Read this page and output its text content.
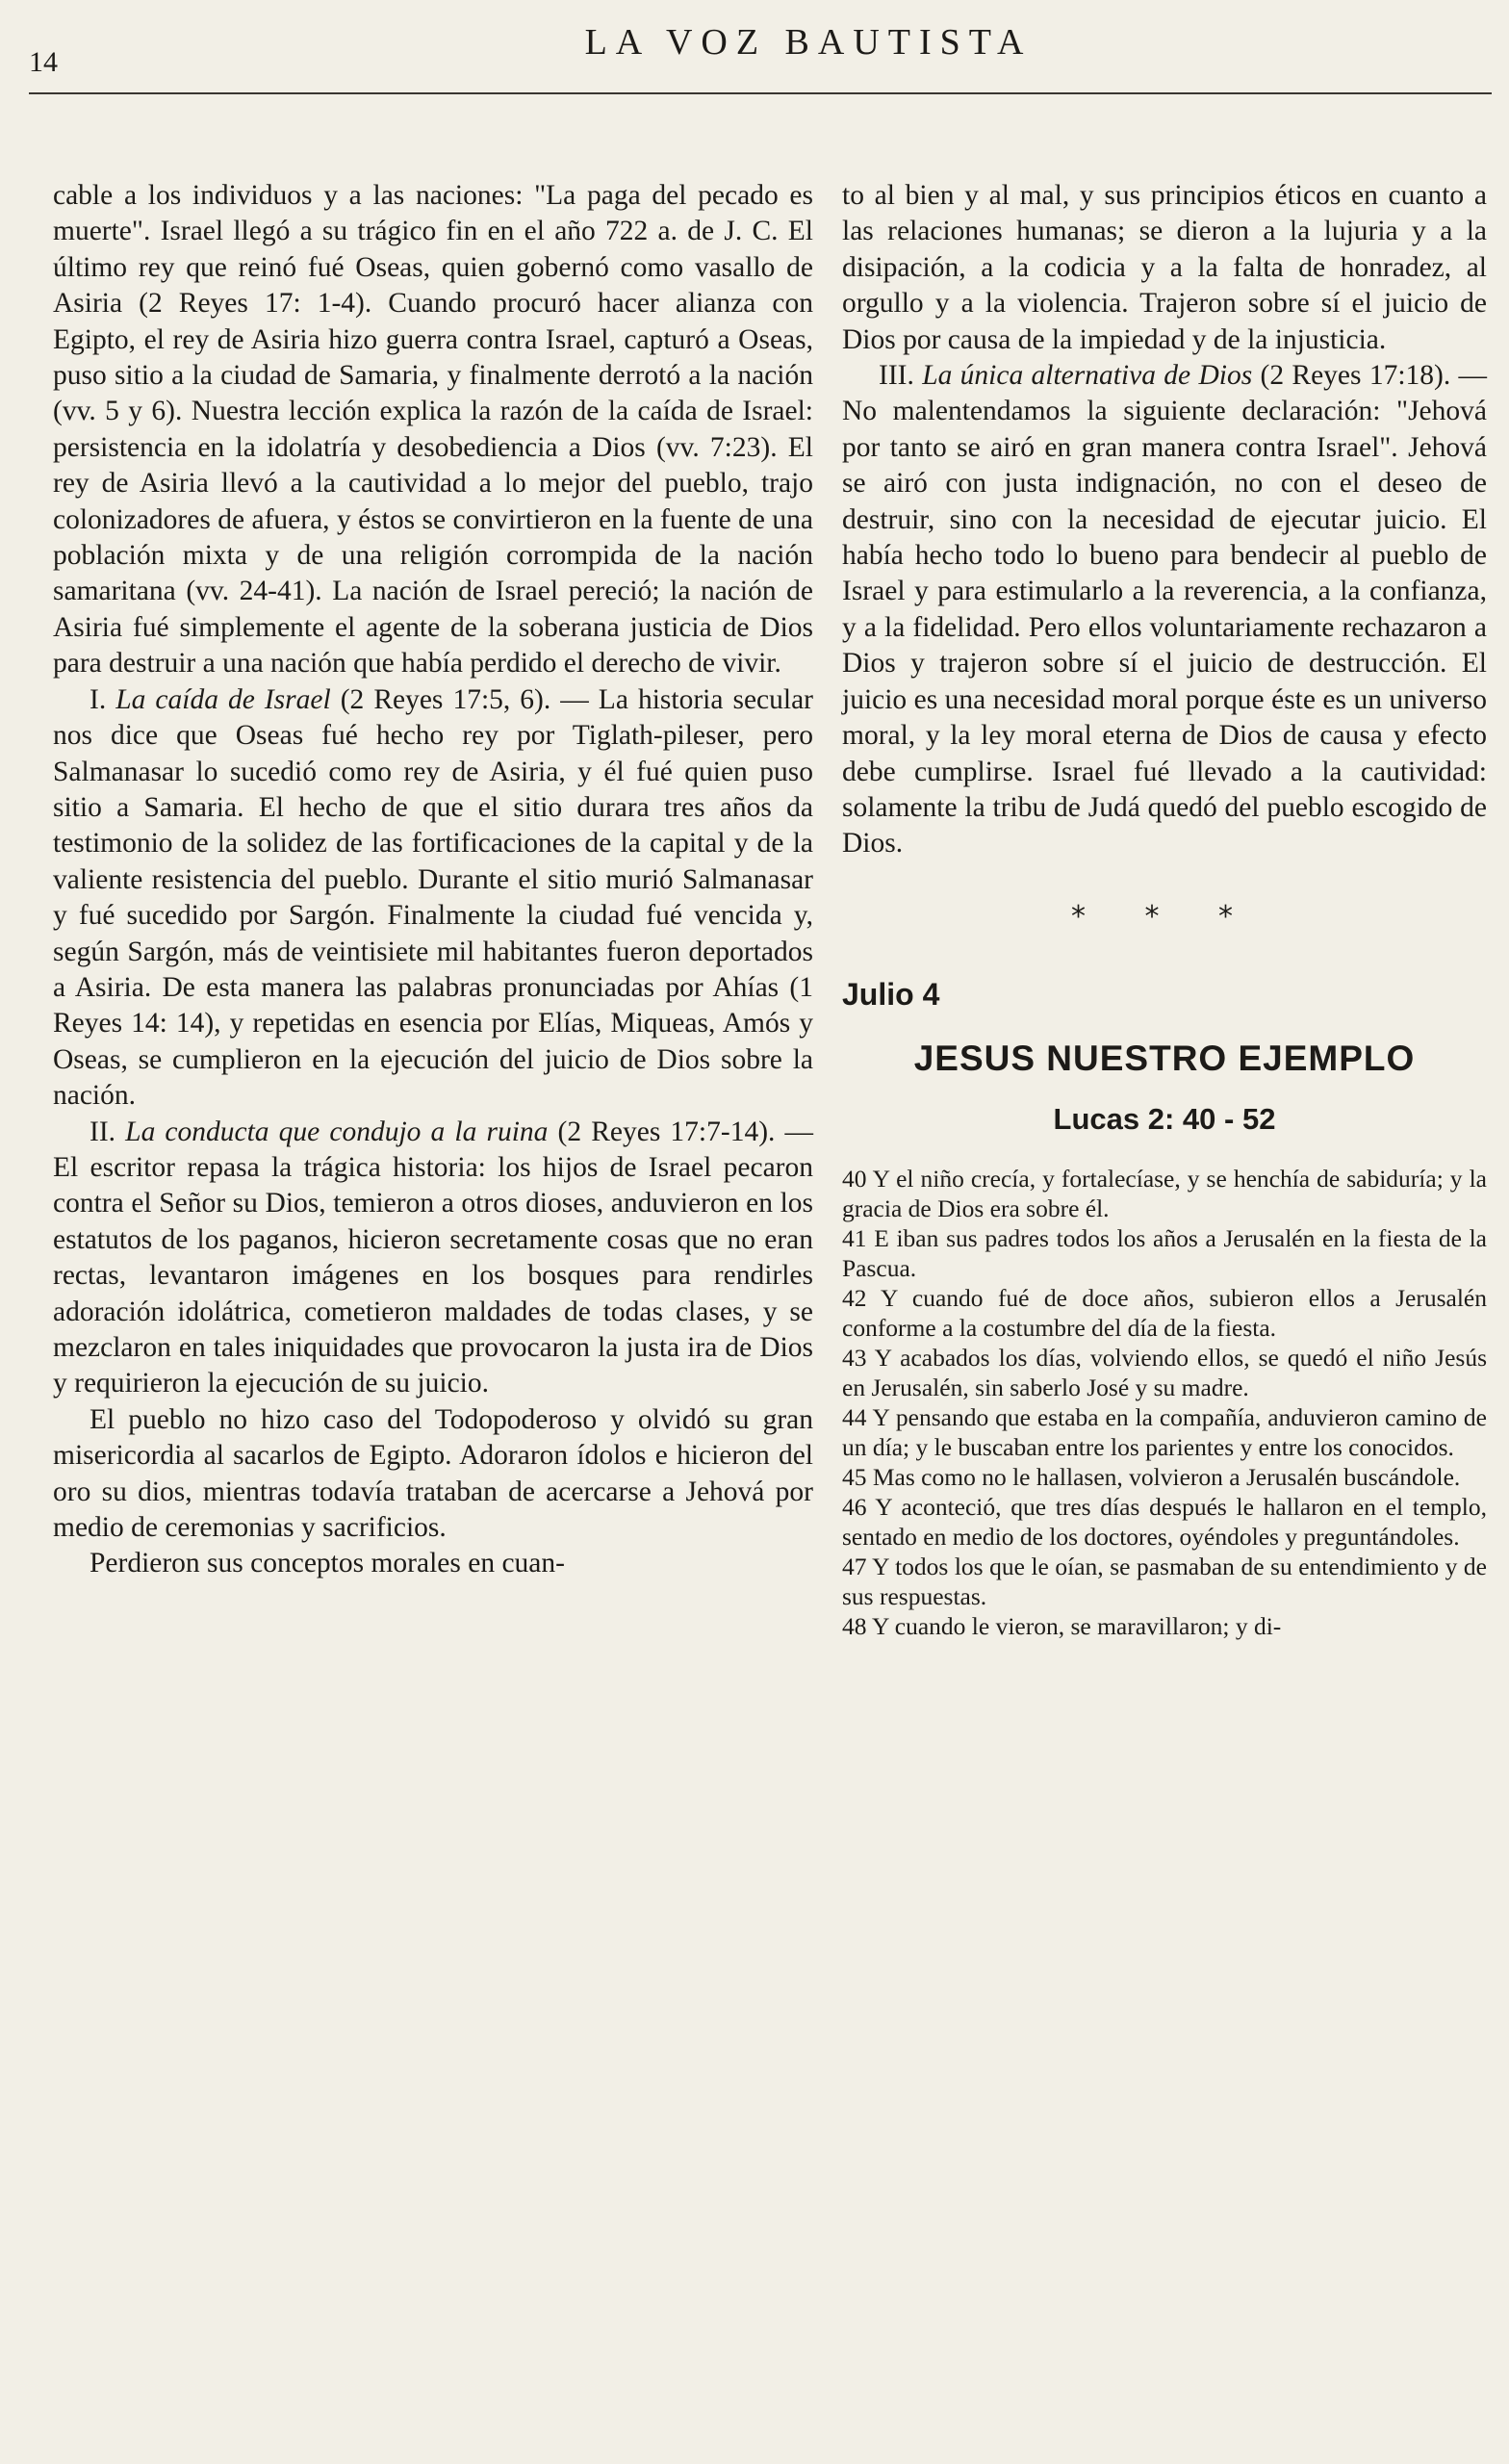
14	LA VOZ BAUTISTA

cable a los individuos y a las naciones: "La paga del pecado es muerte". Israel llegó a su trágico fin en el año 722 a. de J. C. El último rey que reinó fué Oseas, quien gobernó como vasallo de Asiria (2 Reyes 17: 1-4). Cuando procuró hacer alianza con Egipto, el rey de Asiria hizo guerra contra Israel, capturó a Oseas, puso sitio a la ciudad de Samaria, y finalmente derrotó a la nación (vv. 5 y 6). Nuestra lección explica la razón de la caída de Israel: persistencia en la idolatría y desobediencia a Dios (vv. 7:23). El rey de Asiria llevó a la cautividad a lo mejor del pueblo, trajo colonizadores de afuera, y éstos se convirtieron en la fuente de una población mixta y de una religión corrompida de la nación samaritana (vv. 24-41). La nación de Israel pereció; la nación de Asiria fué simplemente el agente de la soberana justicia de Dios para destruir a una nación que había perdido el derecho de vivir.

I. La caída de Israel (2 Reyes 17:5, 6). — La historia secular nos dice que Oseas fué hecho rey por Tiglath-pileser, pero Salmanasar lo sucedió como rey de Asiria, y él fué quien puso sitio a Samaria. El hecho de que el sitio durara tres años da testimonio de la solidez de las fortificaciones de la capital y de la valiente resistencia del pueblo. Durante el sitio murió Salmanasar y fué sucedido por Sargón. Finalmente la ciudad fué vencida y, según Sargón, más de veintisiete mil habitantes fueron deportados a Asiria. De esta manera las palabras pronunciadas por Ahías (1 Reyes 14: 14), y repetidas en esencia por Elías, Miqueas, Amós y Oseas, se cumplieron en la ejecución del juicio de Dios sobre la nación.

II. La conducta que condujo a la ruina (2 Reyes 17:7-14). — El escritor repasa la trágica historia: los hijos de Israel pecaron contra el Señor su Dios, temieron a otros dioses, anduvieron en los estatutos de los paganos, hicieron secretamente cosas que no eran rectas, levantaron imágenes en los bosques para rendirles adoración idolátrica, cometieron maldades de todas clases, y se mezclaron en tales iniquidades que provocaron la justa ira de Dios y requirieron la ejecución de su juicio.

El pueblo no hizo caso del Todopoderoso y olvidó su gran misericordia al sacarlos de Egipto. Adoraron ídolos e hicieron del oro su dios, mientras todavía trataban de acercarse a Jehová por medio de ceremonias y sacrificios.

Perdieron sus conceptos morales en cuan-

to al bien y al mal, y sus principios éticos en cuanto a las relaciones humanas; se dieron a la lujuria y a la disipación, a la codicia y a la falta de honradez, al orgullo y a la violencia. Trajeron sobre sí el juicio de Dios por causa de la impiedad y de la injusticia.

III. La única alternativa de Dios (2 Reyes 17:18). — No malentendamos la siguiente declaración: "Jehová por tanto se airó en gran manera contra Israel". Jehová se airó con justa indignación, no con el deseo de destruir, sino con la necesidad de ejecutar juicio. El había hecho todo lo bueno para bendecir al pueblo de Israel y para estimularlo a la reverencia, a la confianza, y a la fidelidad. Pero ellos voluntariamente rechazaron a Dios y trajeron sobre sí el juicio de destrucción. El juicio es una necesidad moral porque éste es un universo moral, y la ley moral eterna de Dios de causa y efecto debe cumplirse. Israel fué llevado a la cautividad: solamente la tribu de Judá quedó del pueblo escogido de Dios.

* * *
Julio 4
JESUS NUESTRO EJEMPLO
Lucas 2: 40 - 52

40 Y el niño crecía, y fortalecíase, y se henchía de sabiduría; y la gracia de Dios era sobre él.

41 E iban sus padres todos los años a Jerusalén en la fiesta de la Pascua.

42 Y cuando fué de doce años, subieron ellos a Jerusalén conforme a la costumbre del día de la fiesta.

43 Y acabados los días, volviendo ellos, se quedó el niño Jesús en Jerusalén, sin saberlo José y su madre.

44 Y pensando que estaba en la compañía, anduvieron camino de un día; y le buscaban entre los parientes y entre los conocidos.

45 Mas como no le hallasen, volvieron a Jerusalén buscándole.

46 Y aconteció, que tres días después le hallaron en el templo, sentado en medio de los doctores, oyéndoles y preguntándoles.

47 Y todos los que le oían, se pasmaban de su entendimiento y de sus respuestas.

48 Y cuando le vieron, se maravillaron; y di-
